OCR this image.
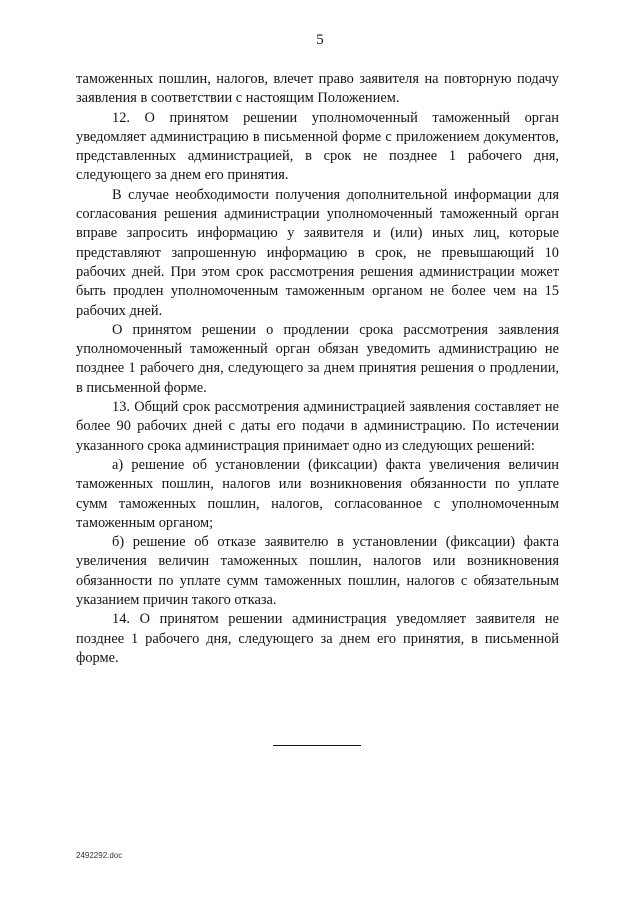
5

таможенных пошлин, налогов, влечет право заявителя на повторную подачу заявления в соответствии с настоящим Положением.

12. О принятом решении уполномоченный таможенный орган уведомляет администрацию в письменной форме с приложением документов, представленных администрацией, в срок не позднее 1 рабочего дня, следующего за днем его принятия.

В случае необходимости получения дополнительной информации для согласования решения администрации уполномоченный таможенный орган вправе запросить информацию у заявителя и (или) иных лиц, которые представляют запрошенную информацию в срок, не превышающий 10 рабочих дней. При этом срок рассмотрения решения администрации может быть продлен уполномоченным таможенным органом не более чем на 15 рабочих дней.

О принятом решении о продлении срока рассмотрения заявления уполномоченный таможенный орган обязан уведомить администрацию не позднее 1 рабочего дня, следующего за днем принятия решения о продлении, в письменной форме.

13. Общий срок рассмотрения администрацией заявления составляет не более 90 рабочих дней с даты его подачи в администрацию. По истечении указанного срока администрация принимает одно из следующих решений:

а) решение об установлении (фиксации) факта увеличения величин таможенных пошлин, налогов или возникновения обязанности по уплате сумм таможенных пошлин, налогов, согласованное с уполномоченным таможенным органом;

б) решение об отказе заявителю в установлении (фиксации) факта увеличения величин таможенных пошлин, налогов или возникновения обязанности по уплате сумм таможенных пошлин, налогов с обязательным указанием причин такого отказа.

14. О принятом решении администрация уведомляет заявителя не позднее 1 рабочего дня, следующего за днем его принятия, в письменной форме.

2492292.doc
